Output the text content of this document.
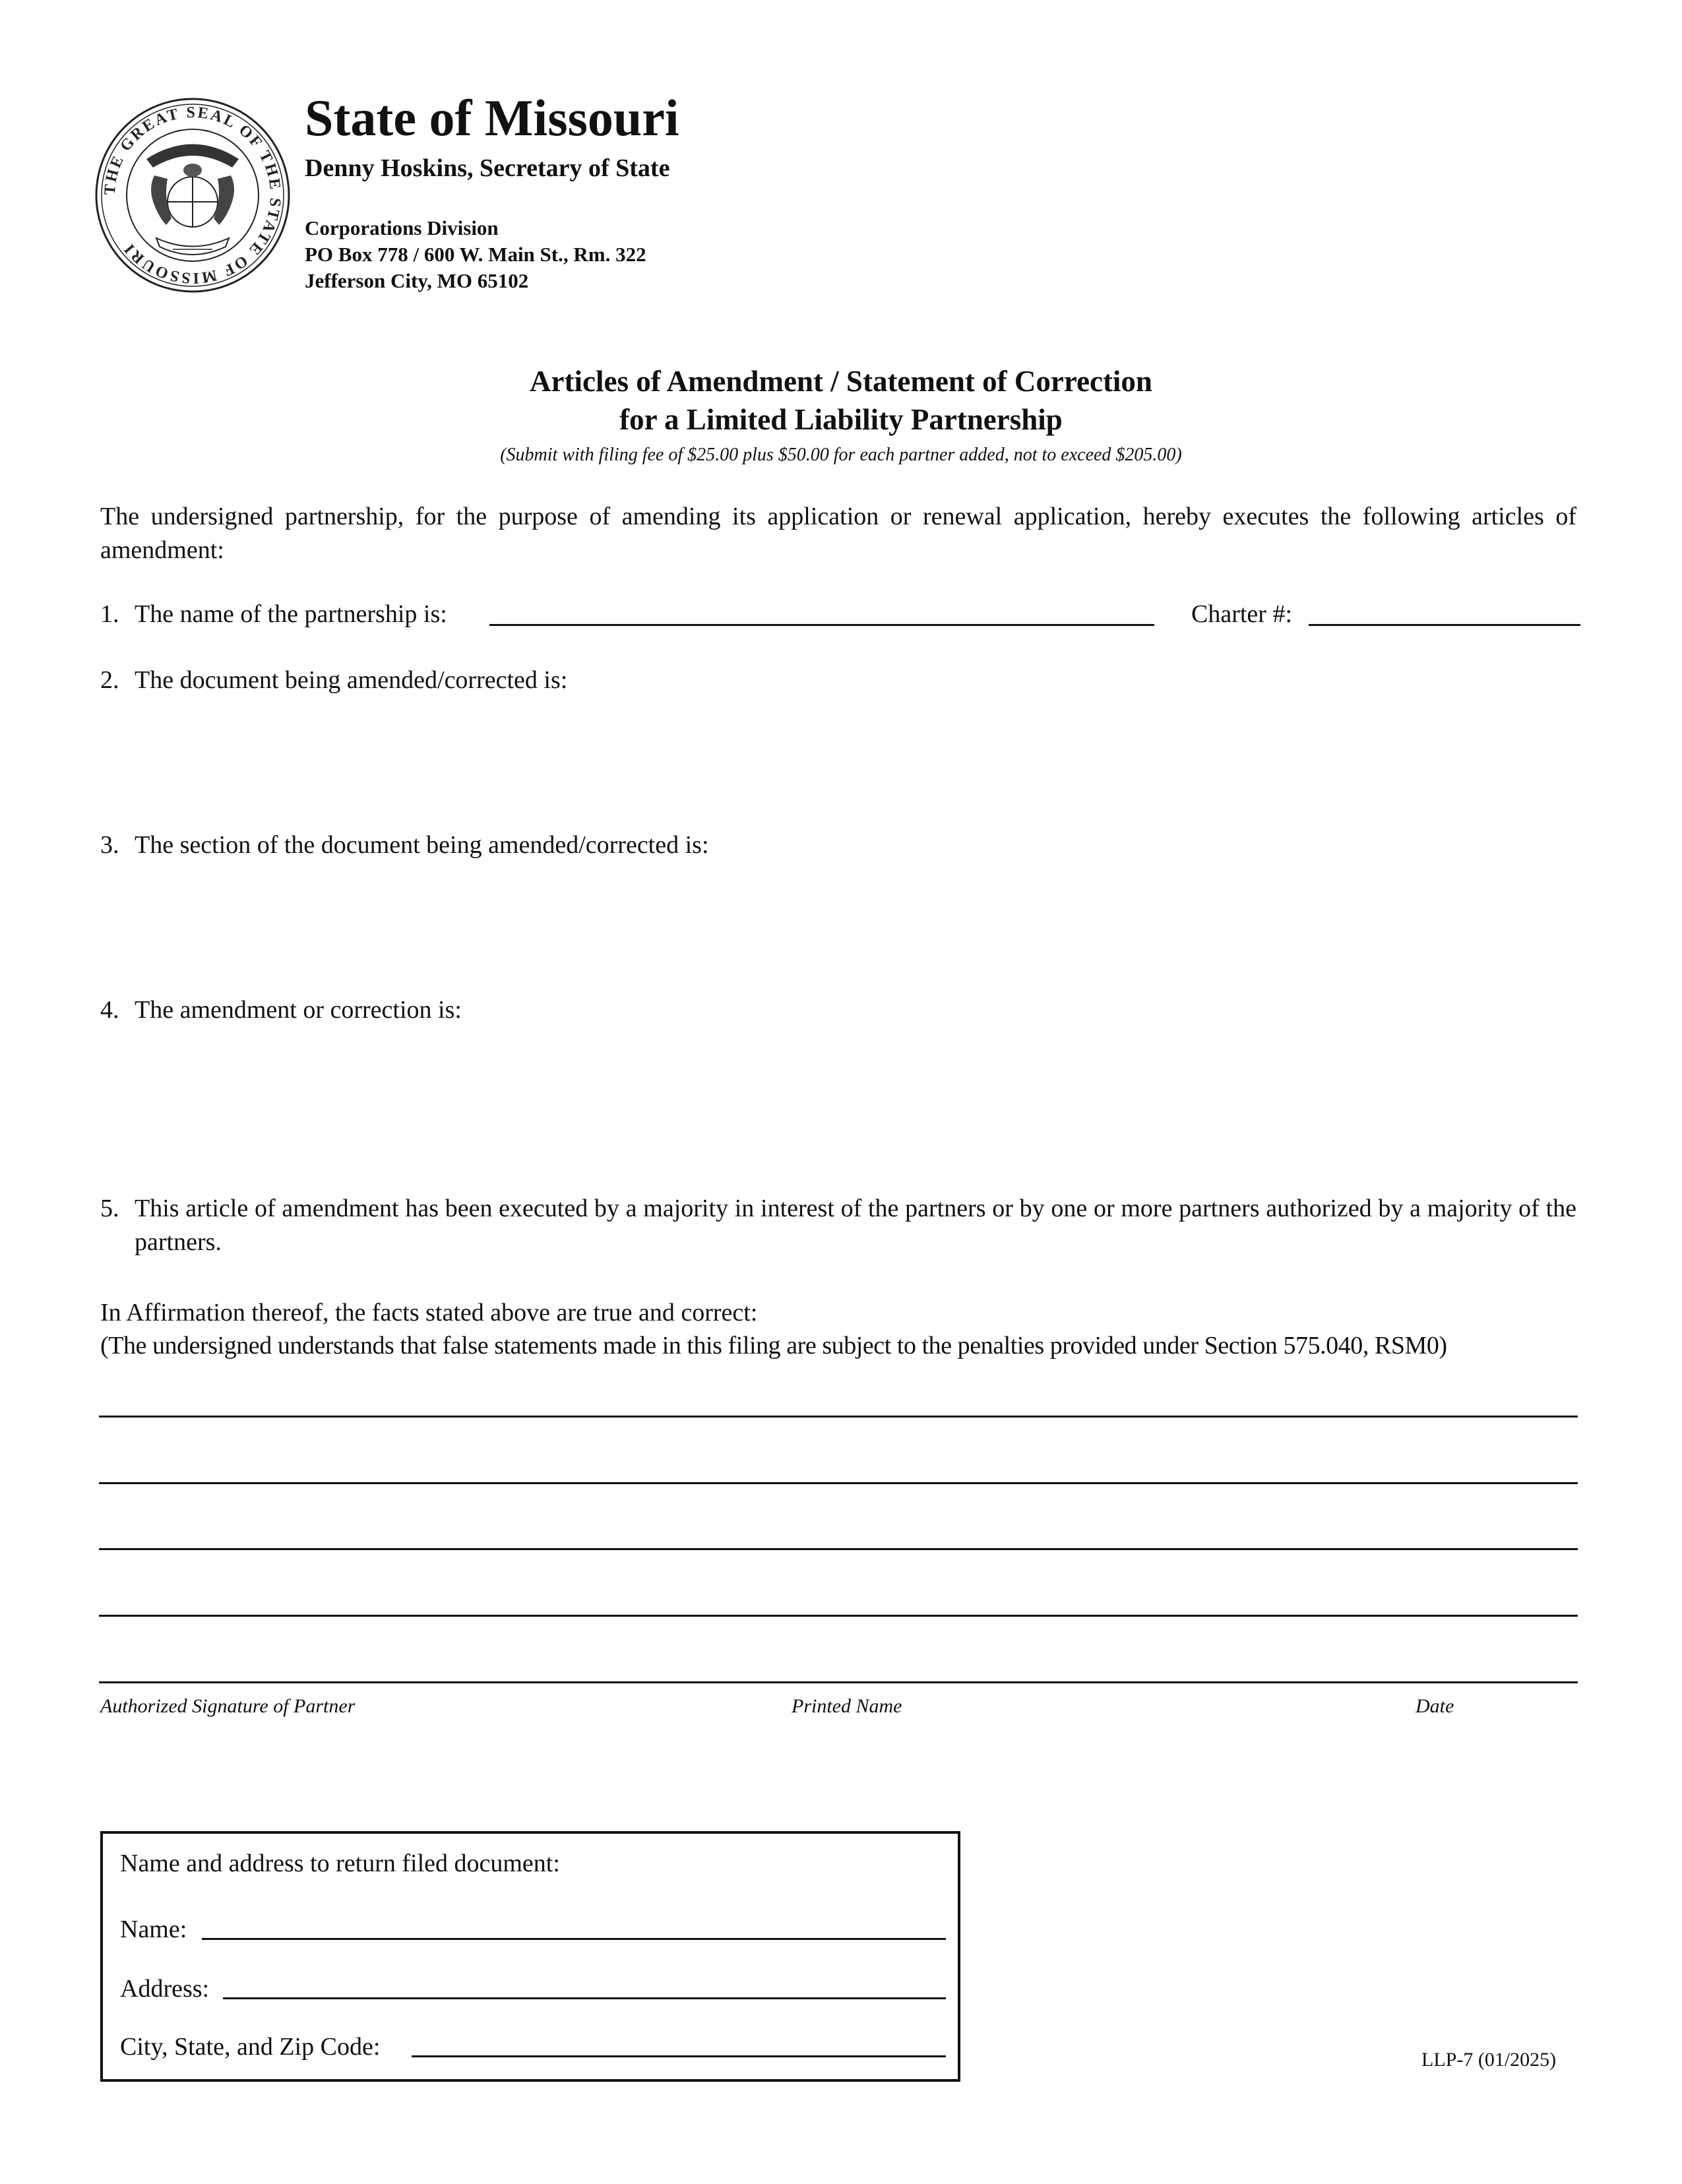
THE GREAT SEAL OF THE STATE OF MISSOURI
State of Missouri
Denny Hoskins, Secretary of State
Corporations Division
PO Box 778 / 600 W. Main St., Rm. 322
Jefferson City, MO 65102
Articles of Amendment / Statement of Correction
for a Limited Liability Partnership
(Submit with filing fee of $25.00 plus $50.00 for each partner added, not to exceed $205.00)
The undersigned partnership, for the purpose of amending its application or renewal application, hereby executes the following articles of amendment:
1. The name of the partnership is:	Charter #:
2. The document being amended/corrected is:
3. The section of the document being amended/corrected is:
4. The amendment or correction is:
5. This article of amendment has been executed by a majority in interest of the partners or by one or more partners authorized by a majority of the partners.
In Affirmation thereof, the facts stated above are true and correct:
(The undersigned understands that false statements made in this filing are subject to the penalties provided under Section 575.040, RSM0)
Authorized Signature of Partner	Printed Name	Date
Name and address to return filed document:
Name:
Address:
City, State, and Zip Code:	LLP-7 (01/2025)
